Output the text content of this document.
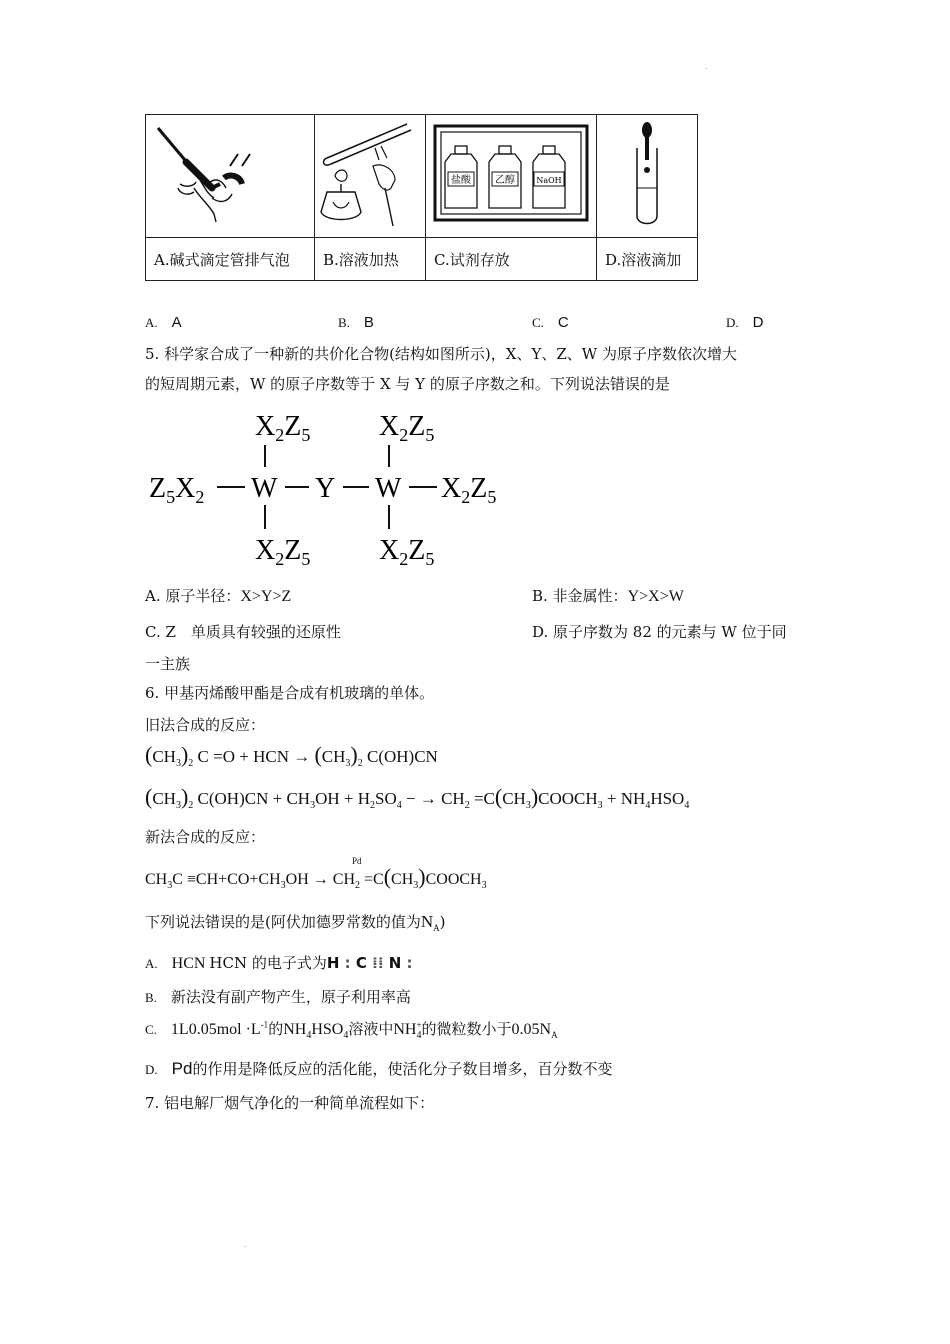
.

盐酸 乙醇 NaOH

A.碱式滴定管排气泡	B.溶液加热	C.试剂存放	D.溶液滴加
A. A	B. B	C. C	D. D
5. 科学家合成了一种新的共价化合物(结构如图所示)，X、Y、Z、W 为原子序数依次增大
的短周期元素，W 的原子序数等于 X 与 Y 的原子序数之和。下列说法错误的是
$X_2Z_5$ $X_2Z_5$
$Z_5X_2$ W Y W $X_2Z_5$
$X_2Z_5$ $X_2Z_5$
A. 原子半径：X>Y>Z	B. 非金属性：Y>X>W
C. Z　单质具有较强的还原性	D. 原子序数为 82 的元素与 W 位于同
一主族
6. 甲基丙烯酸甲酯是合成有机玻璃的单体。
旧法合成的反应：
$(CH_3)_2$ C =O + HCN → $(CH_3)_2$ C(OH)CN
$(CH_3)_2$ $C(OH)CN + CH_3OH + H_2SO_4$ − → $CH_2$ $=C(CH_3)COOCH_3 + NH_4HSO_4$
新法合成的反应：
Pd
$CH_3C \equiv CH+CO+CH_3OH \to CH_2$ $=C(CH_3)COOCH_3$
下列说法错误的是(阿伏加德罗常数的值为$N_A$)
A. HCN HCN 的电子式为H : C ⁞⁞ N :
B. 新法没有副产物产生，原子利用率高
C. $1L0.05mol \cdot L^{-1}$的$NH_4HSO_4$溶液中$NH_4^+$的微粒数小于$0.05N_A$
D. Pd的作用是降低反应的活化能，使活化分子数目增多，百分数不变
7. 铝电解厂烟气净化的一种简单流程如下：
.
